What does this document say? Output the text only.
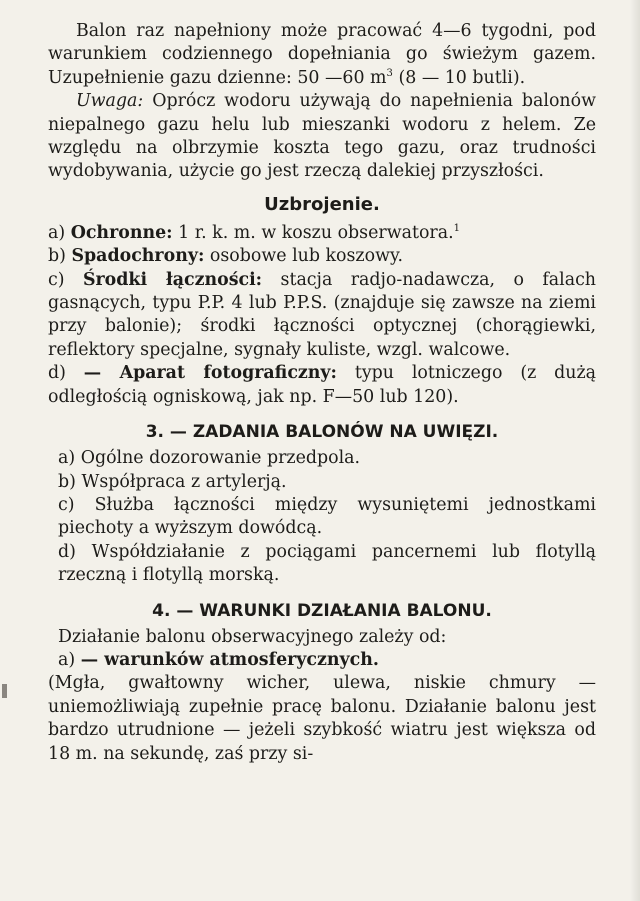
Balon raz napełniony może pracować 4—6 tygodni, pod warunkiem codziennego dopełniania go świeżym gazem. Uzupełnienie gazu dzienne: 50 —60 $m^3$ (8 — 10 butli).

Uwaga: Oprócz wodoru używają do napełnienia balonów niepalnego gazu helu lub mieszanki wodoru z helem. Ze względu na olbrzymie koszta tego gazu, oraz trudności wydobywania, użycie go jest rzeczą dalekiej przyszłości.

Uzbrojenie.
a) Ochronne: 1 r. k. m. w koszu obserwatora.$^1$
b) Spadochrony: osobowe lub koszowy.
c) Środki łączności: stacja radjo-nadawcza, o falach gasnących, typu P.P. 4 lub P.P.S. (znajduje się zawsze na ziemi przy balonie); środki łączności optycznej (chorągiewki, reflektory specjalne, sygnały kuliste, wzgl. walcowe.
d) — Aparat fotograficzny: typu lotniczego (z dużą odległością ogniskową, jak np. F—50 lub 120).
3. — ZADANIA BALONÓW NA UWIĘZI.
a) Ogólne dozorowanie przedpola.
b) Współpraca z artylerją.
c) Służba łączności między wysuniętemi jednostkami piechoty a wyższym dowódcą.
d) Współdziałanie z pociągami pancernemi lub flotyllą rzeczną i flotyllą morską.
4. — WARUNKI DZIAŁANIA BALONU.

Działanie balonu obserwacyjnego zależy od:

a) — warunków atmosferycznych.

(Mgła, gwałtowny wicher, ulewa, niskie chmury — uniemożliwiają zupełnie pracę balonu. Działanie balonu jest bardzo utrudnione — jeżeli szybkość wiatru jest większa od 18 m. na sekundę, zaś przy si-
